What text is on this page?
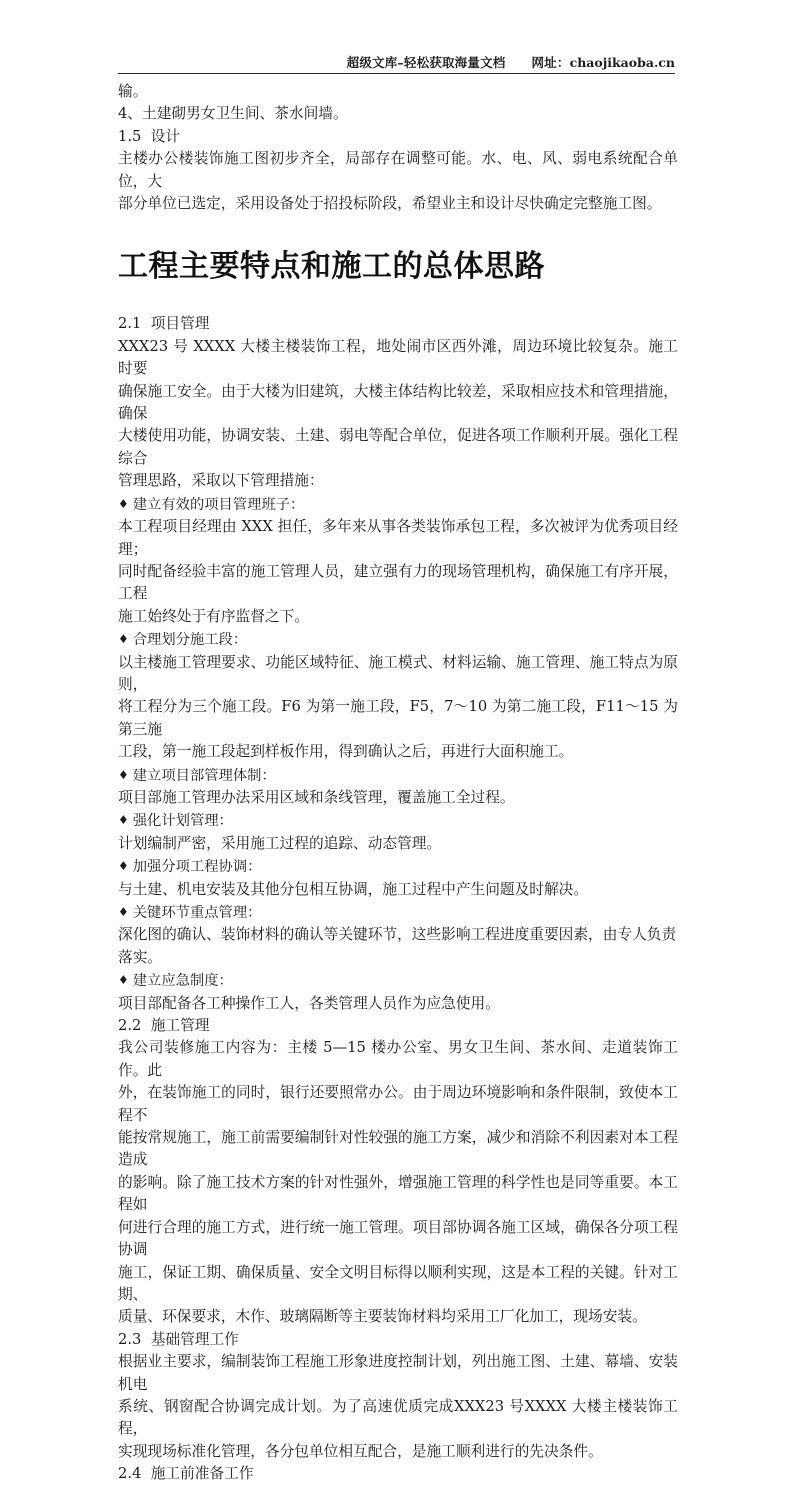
超级文库–轻松获取海量文档 网址：chaojikaoba.cn

输。

4、土建砌男女卫生间、茶水间墙。

1.5  设计

主楼办公楼装饰施工图初步齐全，局部存在调整可能。水、电、风、弱电系统配合单位，大

部分单位已选定，采用设备处于招投标阶段，希望业主和设计尽快确定完整施工图。

工程主要特点和施工的总体思路

2.1  项目管理

XXX23 号 XXXX 大楼主楼装饰工程，地处闹市区西外滩，周边环境比较复杂。施工时要

确保施工安全。由于大楼为旧建筑，大楼主体结构比较差，采取相应技术和管理措施，确保

大楼使用功能，协调安装、土建、弱电等配合单位，促进各项工作顺利开展。强化工程综合

管理思路，采取以下管理措施：

♦ 建立有效的项目管理班子：

本工程项目经理由 XXX 担任，多年来从事各类装饰承包工程，多次被评为优秀项目经理；

同时配备经验丰富的施工管理人员，建立强有力的现场管理机构，确保施工有序开展，工程

施工始终处于有序监督之下。

♦ 合理划分施工段：

以主楼施工管理要求、功能区域特征、施工模式、材料运输、施工管理、施工特点为原则，

将工程分为三个施工段。F6 为第一施工段，F5，7～10 为第二施工段，F11～15 为第三施

工段，第一施工段起到样板作用，得到确认之后，再进行大面积施工。

♦ 建立项目部管理体制：

项目部施工管理办法采用区域和条线管理，覆盖施工全过程。

♦ 强化计划管理：

计划编制严密，采用施工过程的追踪、动态管理。

♦ 加强分项工程协调：

与土建、机电安装及其他分包相互协调，施工过程中产生问题及时解决。

♦ 关键环节重点管理：

深化图的确认、装饰材料的确认等关键环节，这些影响工程进度重要因素，由专人负责落实。

♦ 建立应急制度：

项目部配备各工种操作工人，各类管理人员作为应急使用。

2.2  施工管理

我公司装修施工内容为：主楼 5—15 楼办公室、男女卫生间、茶水间、走道装饰工作。此

外，在装饰施工的同时，银行还要照常办公。由于周边环境影响和条件限制，致使本工程不

能按常规施工，施工前需要编制针对性较强的施工方案，减少和消除不利因素对本工程造成

的影响。除了施工技术方案的针对性强外，增强施工管理的科学性也是同等重要。本工程如

何进行合理的施工方式，进行统一施工管理。项目部协调各施工区域，确保各分项工程协调

施工，保证工期、确保质量、安全文明目标得以顺利实现，这是本工程的关键。针对工期、

质量、环保要求，木作、玻璃隔断等主要装饰材料均采用工厂化加工，现场安装。

2.3  基础管理工作

根据业主要求，编制装饰工程施工形象进度控制计划，列出施工图、土建、幕墙、安装机电

系统、钢窗配合协调完成计划。为了高速优质完成XXX23 号XXXX 大楼主楼装饰工程，

实现现场标准化管理，各分包单位相互配合，是施工顺利进行的先决条件。

2.4  施工前准备工作
